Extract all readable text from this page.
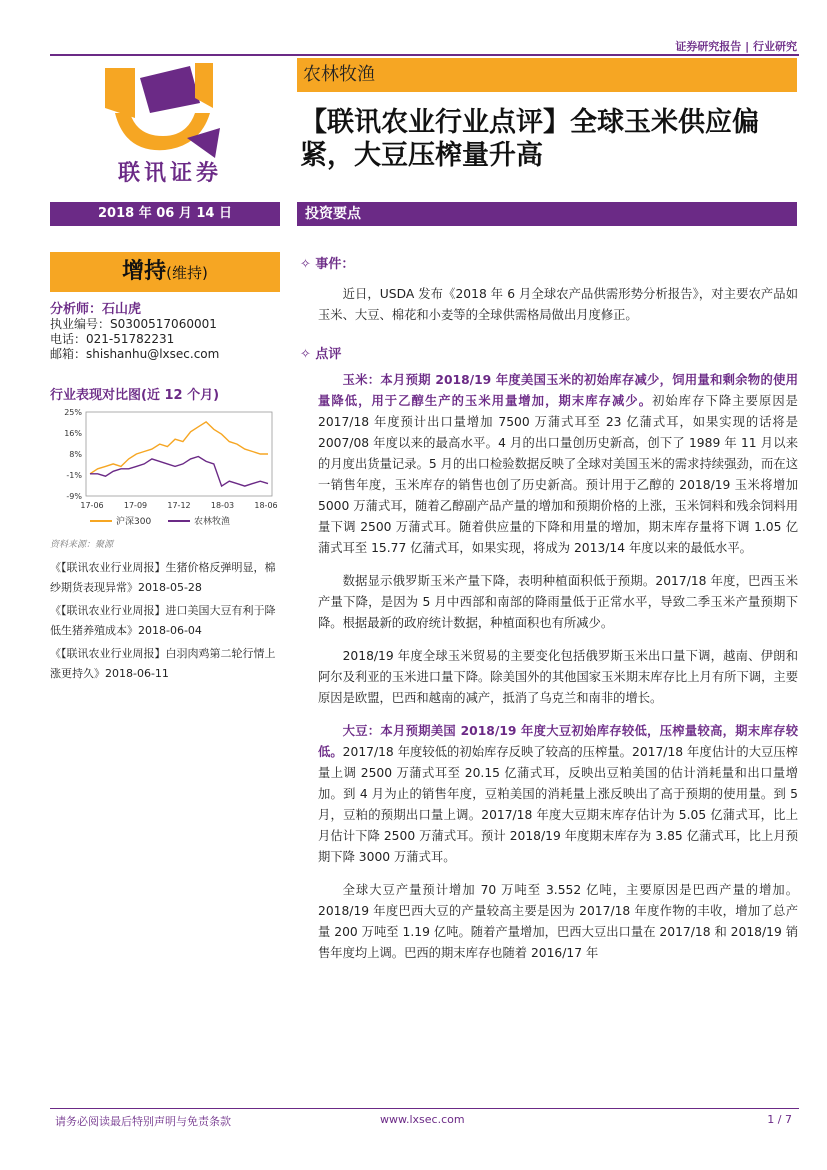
证券研究报告 | 行业研究
联讯证券
农林牧渔
【联讯农业行业点评】全球玉米供应偏紧，大豆压榨量升高
2018 年 06 月 14 日	投资要点
增持(维持)
分析师：石山虎
执业编号：S0300517060001
电话：021-51782231
邮箱：shishanhu@lxsec.com
行业表现对比图(近 12 个月)
25%
16%
8%
-1%
-9%
17-06	17-09	17-12	18-03	18-06
沪深300	农林牧渔
资料来源：聚源
《【联讯农业行业周报】生猪价格反弹明显，棉纱期货表现异常》2018-05-28
《【联讯农业行业周报】进口美国大豆有利于降低生猪养殖成本》2018-06-04
《【联讯农业行业周报】白羽肉鸡第二轮行情上涨更持久》2018-06-11
✧ 事件：

近日，USDA 发布《2018 年 6 月全球农产品供需形势分析报告》，对主要农产品如玉米、大豆、棉花和小麦等的全球供需格局做出月度修正。

✧ 点评

玉米：本月预期 2018/19 年度美国玉米的初始库存减少，饲用量和剩余物的使用量降低，用于乙醇生产的玉米用量增加，期末库存减少。初始库存下降主要原因是 2017/18 年度预计出口量增加 7500 万蒲式耳至 23 亿蒲式耳，如果实现的话将是 2007/08 年度以来的最高水平。4 月的出口量创历史新高，创下了 1989 年 11 月以来的月度出货量记录。5 月的出口检验数据反映了全球对美国玉米的需求持续强劲，而在这一销售年度，玉米库存的销售也创了历史新高。预计用于乙醇的 2018/19 玉米将增加 5000 万蒲式耳，随着乙醇副产品产量的增加和预期价格的上涨，玉米饲料和残余饲料用量下调 2500 万蒲式耳。随着供应量的下降和用量的增加，期末库存量将下调 1.05 亿蒲式耳至 15.77 亿蒲式耳，如果实现，将成为 2013/14 年度以来的最低水平。

数据显示俄罗斯玉米产量下降，表明种植面积低于预期。2017/18 年度，巴西玉米产量下降，是因为 5 月中西部和南部的降雨量低于正常水平，导致二季玉米产量预期下降。根据最新的政府统计数据，种植面积也有所减少。

2018/19 年度全球玉米贸易的主要变化包括俄罗斯玉米出口量下调，越南、伊朗和阿尔及利亚的玉米进口量下降。除美国外的其他国家玉米期末库存比上月有所下调，主要原因是欧盟，巴西和越南的减产，抵消了乌克兰和南非的增长。

大豆：本月预期美国 2018/19 年度大豆初始库存较低，压榨量较高，期末库存较低。2017/18 年度较低的初始库存反映了较高的压榨量。2017/18 年度估计的大豆压榨量上调 2500 万蒲式耳至 20.15 亿蒲式耳，反映出豆粕美国的估计消耗量和出口量增加。到 4 月为止的销售年度，豆粕美国的消耗量上涨反映出了高于预期的使用量。到 5 月，豆粕的预期出口量上调。2017/18 年度大豆期末库存估计为 5.05 亿蒲式耳，比上月估计下降 2500 万蒲式耳。预计 2018/19 年度期末库存为 3.85 亿蒲式耳，比上月预期下降 3000 万蒲式耳。

全球大豆产量预计增加 70 万吨至 3.552 亿吨，主要原因是巴西产量的增加。2018/19 年度巴西大豆的产量较高主要是因为 2017/18 年度作物的丰收，增加了总产量 200 万吨至 1.19 亿吨。随着产量增加，巴西大豆出口量在 2017/18 和 2018/19 销售年度均上调。巴西的期末库存也随着 2016/17 年

请务必阅读最后特别声明与免责条款	www.lxsec.com	1 / 7
